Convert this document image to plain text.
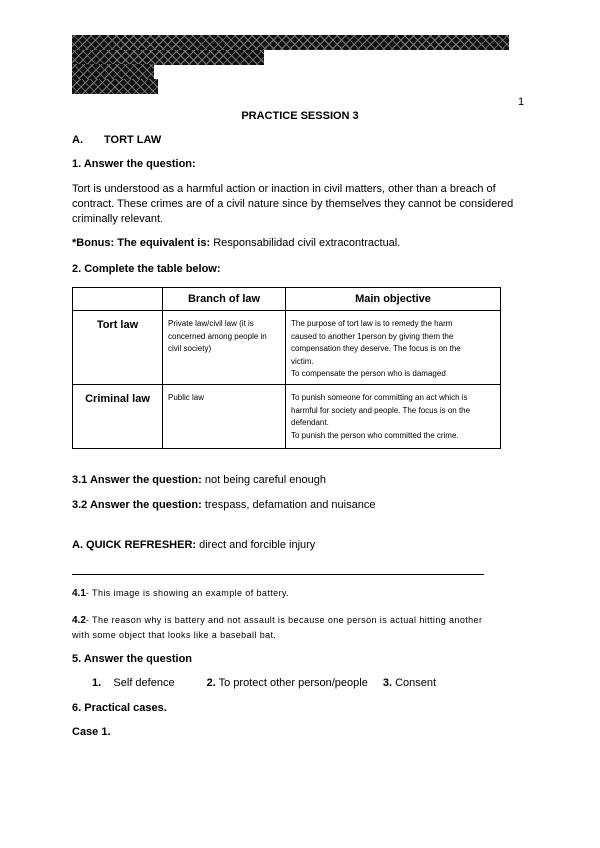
1
PRACTICE SESSION 3
A. TORT LAW
1. Answer the question:
Tort is understood as a harmful action or inaction in civil matters, other than a breach of
contract. These crimes are of a civil nature since by themselves they cannot be considered
criminally relevant.
*Bonus: The equivalent is: Responsabilidad civil extracontractual.
2. Complete the table below:
	Branch of law	Main objective
Tort law	Private law/civil law (it is
concerned among people in
civil society)	The purpose of tort law is to remedy the harm
caused to another 1person by giving them the
compensation they deserve. The focus is on the
victim.
To compensate the person who is damaged

Criminal law	Public law	To punish someone for committing an act which is
harmful for society and people. The focus is on the
defendant.
To punish the person who committed the crime.
3.1 Answer the question: not being careful enough
3.2 Answer the question: trespass, defamation and nuisance
A. QUICK REFRESHER: direct and forcible injury
4.1- This image is showing an example of battery.
4.2- The reason why is battery and not assault is because one person is actual hitting another
with some object that looks like a baseball bat.
5. Answer the question
1. Self defence	2. To protect other person/people 3. Consent
6. Practical cases.
Case 1.
